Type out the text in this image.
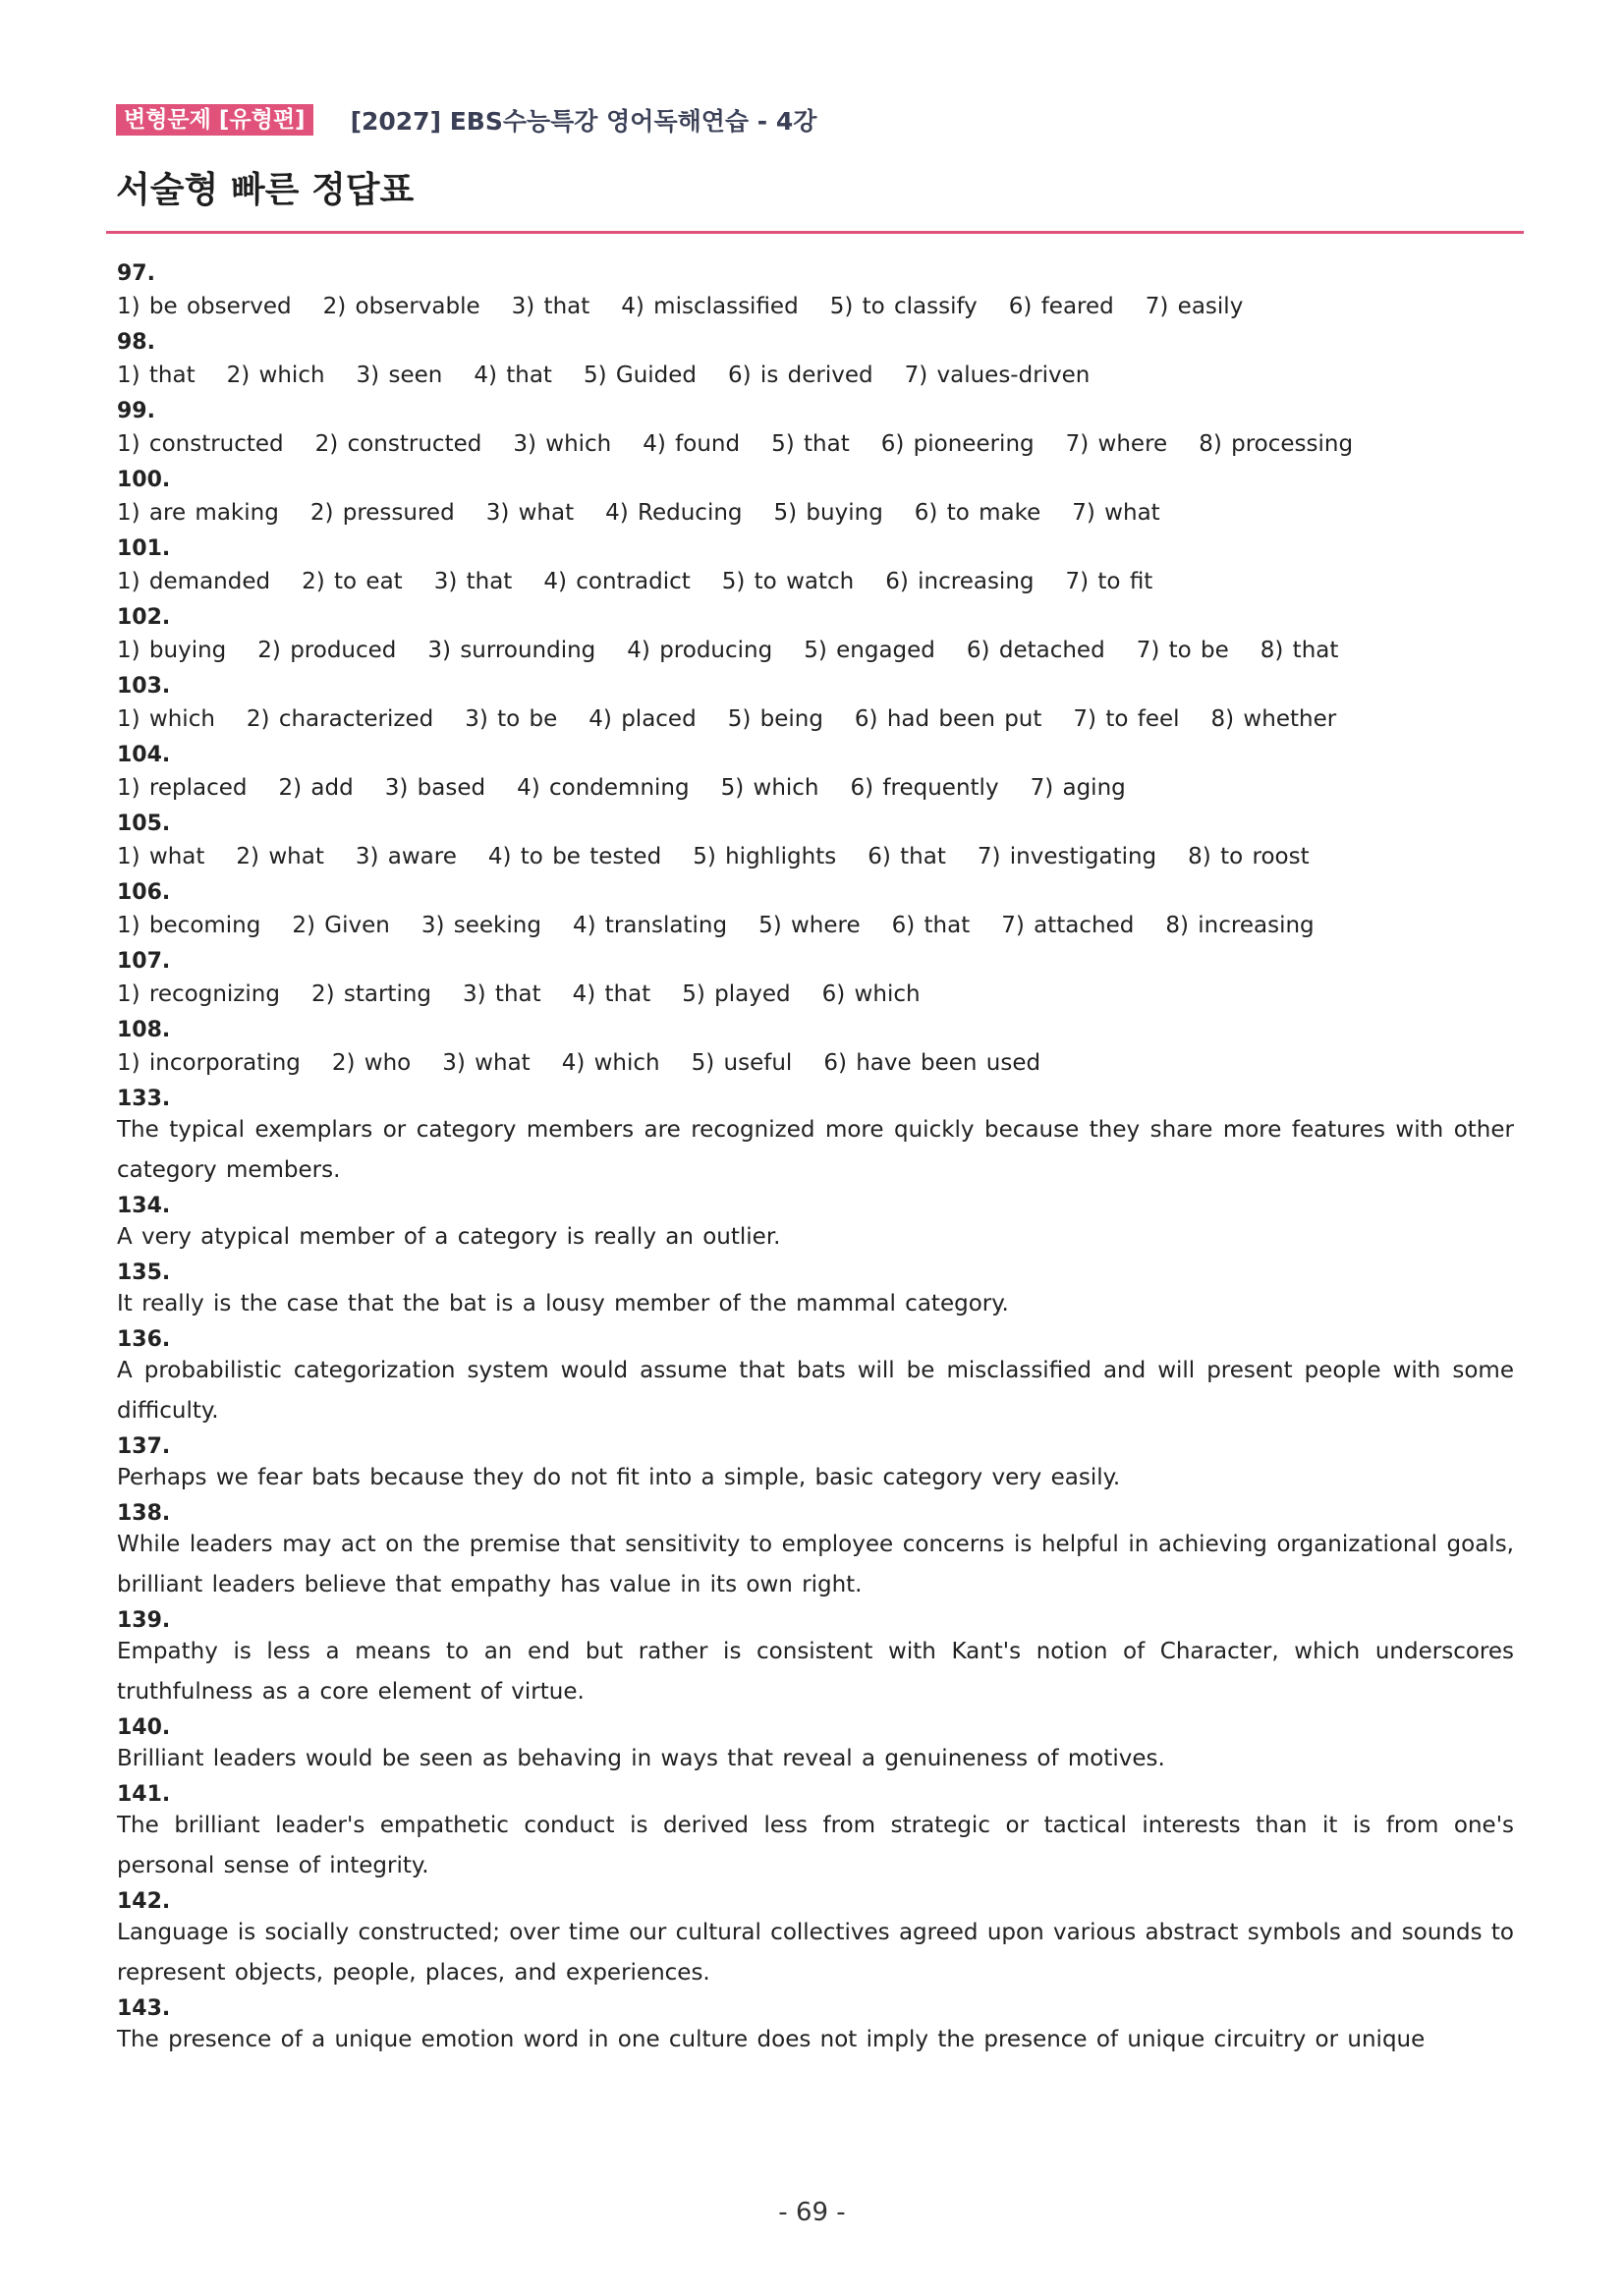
변형문제 [유형편]	[2027] EBS수능특강 영어독해연습 - 4강
서술형 빠른 정답표
97.
1) be observed 2) observable 3) that 4) misclassified 5) to classify 6) feared 7) easily
98.
1) that 2) which 3) seen 4) that 5) Guided 6) is derived 7) values-driven
99.
1) constructed 2) constructed 3) which 4) found 5) that 6) pioneering 7) where 8) processing
100.
1) are making 2) pressured 3) what 4) Reducing 5) buying 6) to make 7) what
101.
1) demanded 2) to eat 3) that 4) contradict 5) to watch 6) increasing 7) to fit
102.
1) buying 2) produced 3) surrounding 4) producing 5) engaged 6) detached 7) to be 8) that
103.
1) which 2) characterized 3) to be 4) placed 5) being 6) had been put 7) to feel 8) whether
104.
1) replaced 2) add 3) based 4) condemning 5) which 6) frequently 7) aging
105.
1) what 2) what 3) aware 4) to be tested 5) highlights 6) that 7) investigating 8) to roost
106.
1) becoming 2) Given 3) seeking 4) translating 5) where 6) that 7) attached 8) increasing
107.
1) recognizing 2) starting 3) that 4) that 5) played 6) which
108.
1) incorporating 2) who 3) what 4) which 5) useful 6) have been used
133.
The typical exemplars or category members are recognized more quickly because they share more features with other category members.
134.
A very atypical member of a category is really an outlier.
135.
It really is the case that the bat is a lousy member of the mammal category.
136.
A probabilistic categorization system would assume that bats will be misclassified and will present people with some difficulty.
137.
Perhaps we fear bats because they do not fit into a simple, basic category very easily.
138.
While leaders may act on the premise that sensitivity to employee concerns is helpful in achieving organizational goals, brilliant leaders believe that empathy has value in its own right.
139.
Empathy is less a means to an end but rather is consistent with Kant's notion of Character, which underscores truthfulness as a core element of virtue.
140.
Brilliant leaders would be seen as behaving in ways that reveal a genuineness of motives.
141.
The brilliant leader's empathetic conduct is derived less from strategic or tactical interests than it is from one's personal sense of integrity.
142.
Language is socially constructed; over time our cultural collectives agreed upon various abstract symbols and sounds to represent objects, people, places, and experiences.
143.
The presence of a unique emotion word in one culture does not imply the presence of unique circuitry or unique
- 69 -
